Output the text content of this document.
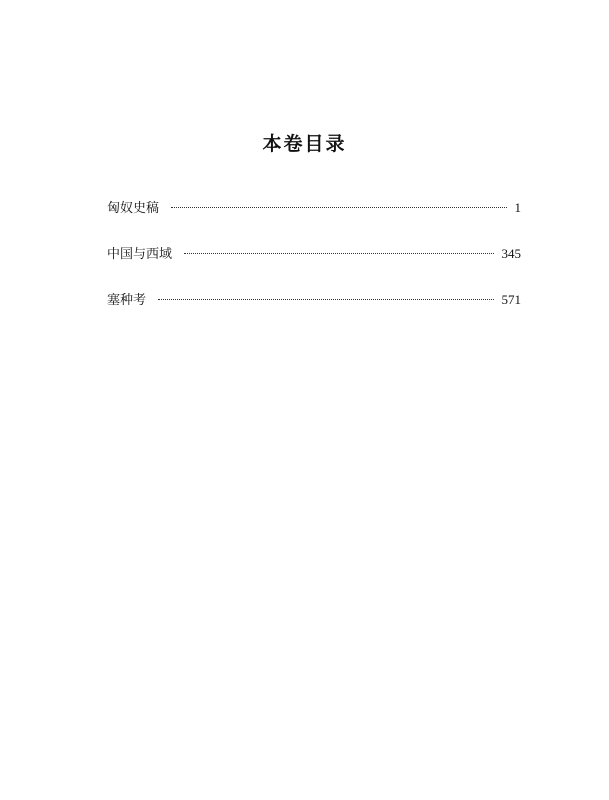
本卷目录
匈奴史稿	1
中国与西域	345
塞种考	571
